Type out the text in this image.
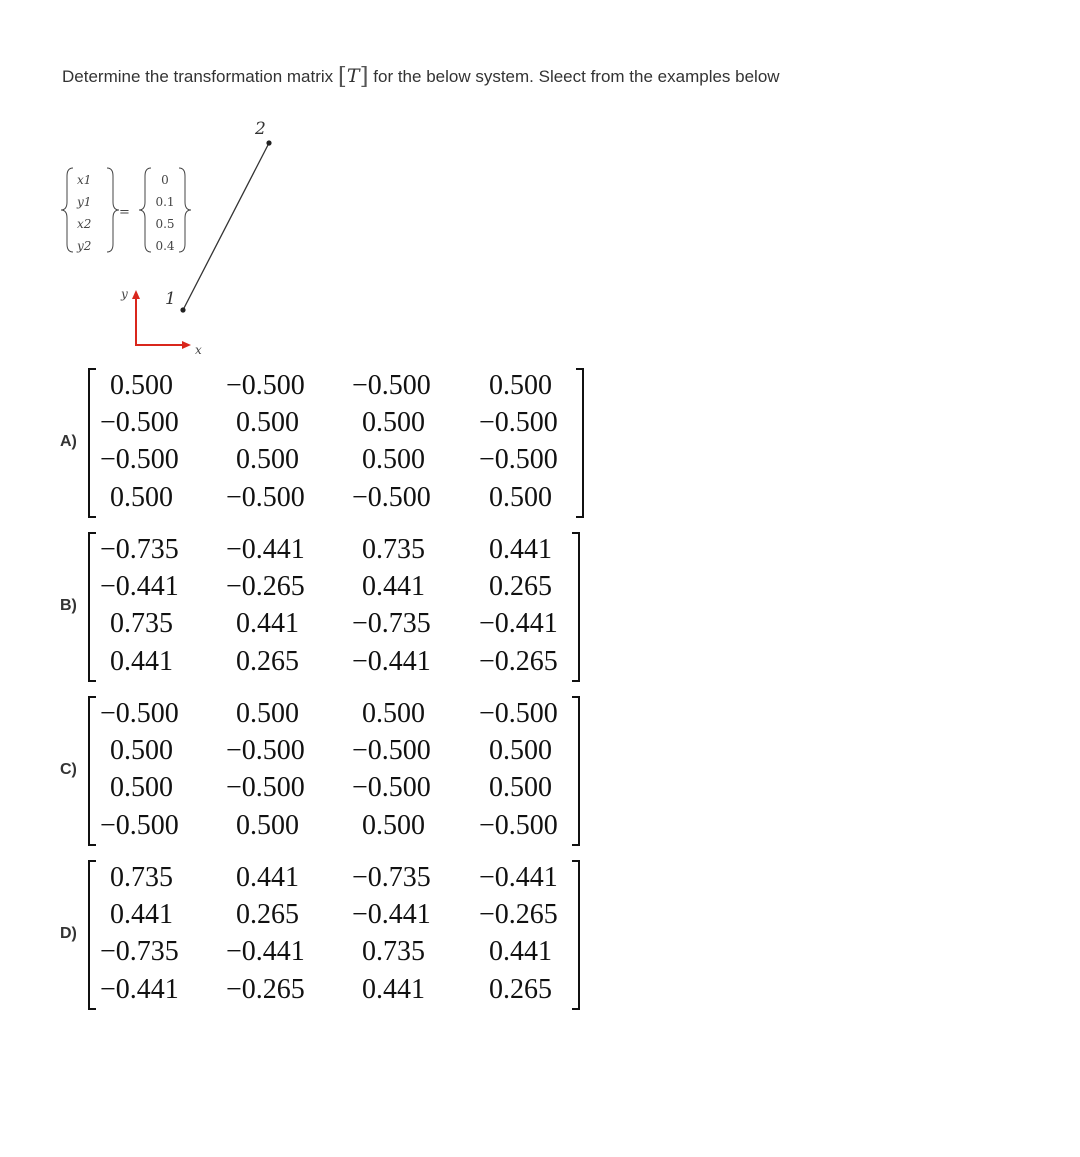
Determine the transformation matrix [T] for the below system. Sleect from the examples below
x1
y1
x2
y2
=
0
0.1
0.5
0.4
1
2
y
x
A)
0.500 −0.500 −0.500 0.500
−0.500 0.500 0.500 −0.500
−0.500 0.500 0.500 −0.500
0.500 −0.500 −0.500 0.500
B)
−0.735 −0.441 0.735 0.441
−0.441 −0.265 0.441 0.265
0.735 0.441 −0.735 −0.441
0.441 0.265 −0.441 −0.265
C)
−0.500 0.500 0.500 −0.500
0.500 −0.500 −0.500 0.500
0.500 −0.500 −0.500 0.500
−0.500 0.500 0.500 −0.500
D)
0.735 0.441 −0.735 −0.441
0.441 0.265 −0.441 −0.265
−0.735 −0.441 0.735 0.441
−0.441 −0.265 0.441 0.265
